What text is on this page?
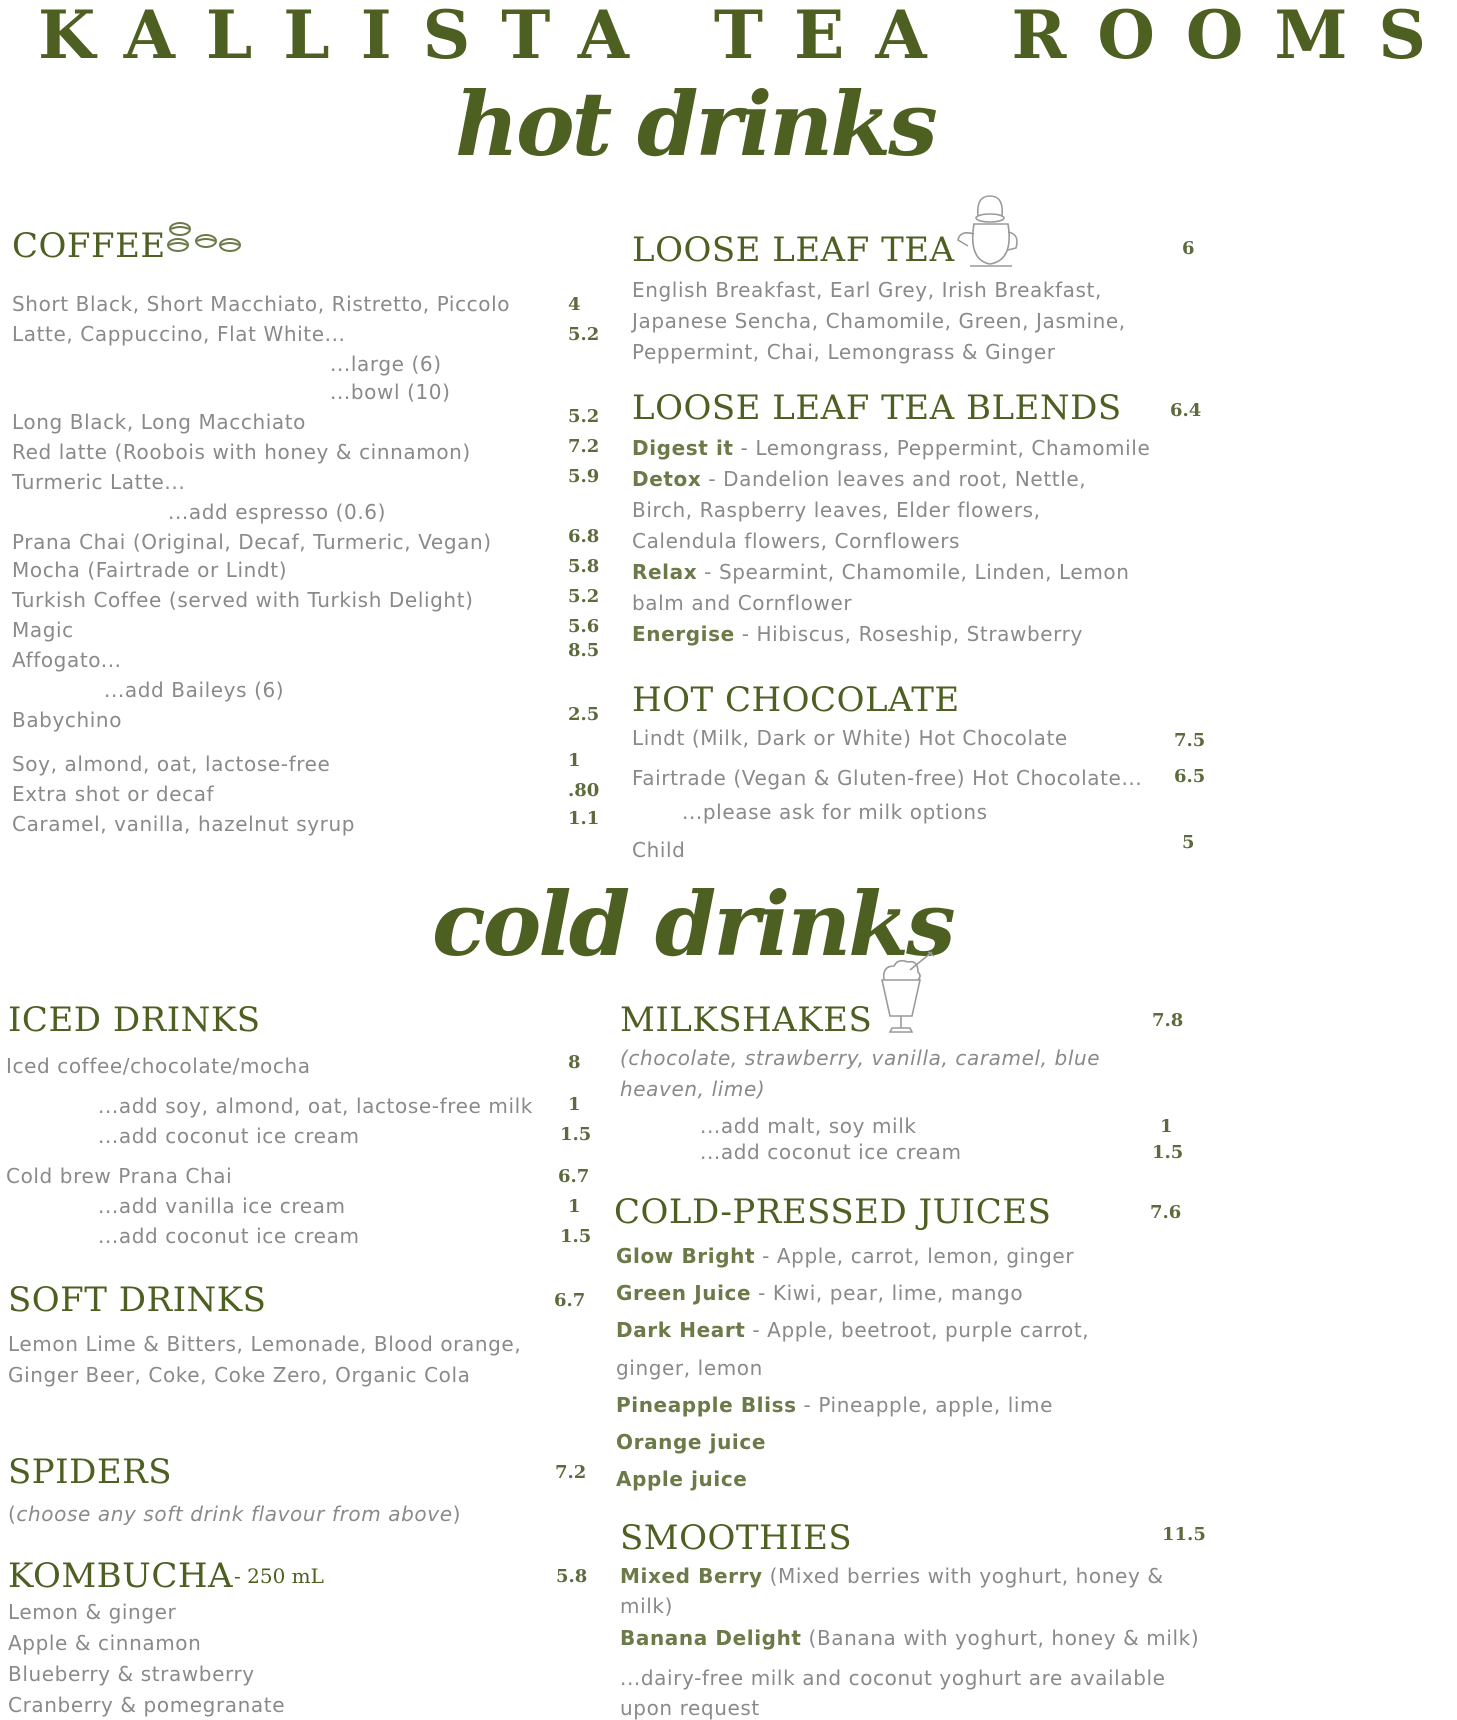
KALLISTA TEA ROOMS
hot drinks
cold drinks
COFFEE
Short Black, Short Macchiato, Ristretto, Piccolo	4
Latte, Cappuccino, Flat White...	5.2
...large (6)
...bowl (10)
Long Black, Long Macchiato	5.2
Red latte (Roobois with honey & cinnamon)	7.2
Turmeric Latte...	5.9
...add espresso (0.6)
Prana Chai (Original, Decaf, Turmeric, Vegan)	6.8
Mocha (Fairtrade or Lindt)	5.8
Turkish Coffee (served with Turkish Delight)	5.2
Magic	5.6
Affogato...	8.5
...add Baileys (6)
Babychino	2.5
Soy, almond, oat, lactose-free	1
Extra shot or decaf	.80
Caramel, vanilla, hazelnut syrup	1.1
LOOSE LEAF TEA	6
English Breakfast, Earl Grey, Irish Breakfast,
Japanese Sencha, Chamomile, Green, Jasmine,
Peppermint, Chai, Lemongrass & Ginger
LOOSE LEAF TEA BLENDS	6.4
Digest it - Lemongrass, Peppermint, Chamomile
Detox - Dandelion leaves and root, Nettle,
Birch, Raspberry leaves, Elder flowers,
Calendula flowers, Cornflowers
Relax - Spearmint, Chamomile, Linden, Lemon
balm and Cornflower
Energise - Hibiscus, Roseship, Strawberry
HOT CHOCOLATE
Lindt (Milk, Dark or White) Hot Chocolate	7.5
Fairtrade (Vegan & Gluten-free) Hot Chocolate... 6.5
...please ask for milk options
Child	5
ICED DRINKS
Iced coffee/chocolate/mocha	8
...add soy, almond, oat, lactose-free milk 1
...add coconut ice cream	1.5
Cold brew Prana Chai	6.7
...add vanilla ice cream	1
...add coconut ice cream	1.5
SOFT DRINKS	6.7
Lemon Lime & Bitters, Lemonade, Blood orange,
Ginger Beer, Coke, Coke Zero, Organic Cola
SPIDERS	7.2
(choose any soft drink flavour from above)
KOMBUCHA - 250 mL	5.8
Lemon & ginger
Apple & cinnamon
Blueberry & strawberry
Cranberry & pomegranate
MILKSHAKES	7.8
(chocolate, strawberry, vanilla, caramel, blue
heaven, lime)
...add malt, soy milk	1
...add coconut ice cream	1.5
COLD-PRESSED JUICES	7.6
Glow Bright - Apple, carrot, lemon, ginger
Green Juice - Kiwi, pear, lime, mango
Dark Heart - Apple, beetroot, purple carrot,
ginger, lemon
Pineapple Bliss - Pineapple, apple, lime
Orange juice
Apple juice
SMOOTHIES	11.5
Mixed Berry (Mixed berries with yoghurt, honey &
milk)
Banana Delight (Banana with yoghurt, honey & milk)
...dairy-free milk and coconut yoghurt are available
upon request
